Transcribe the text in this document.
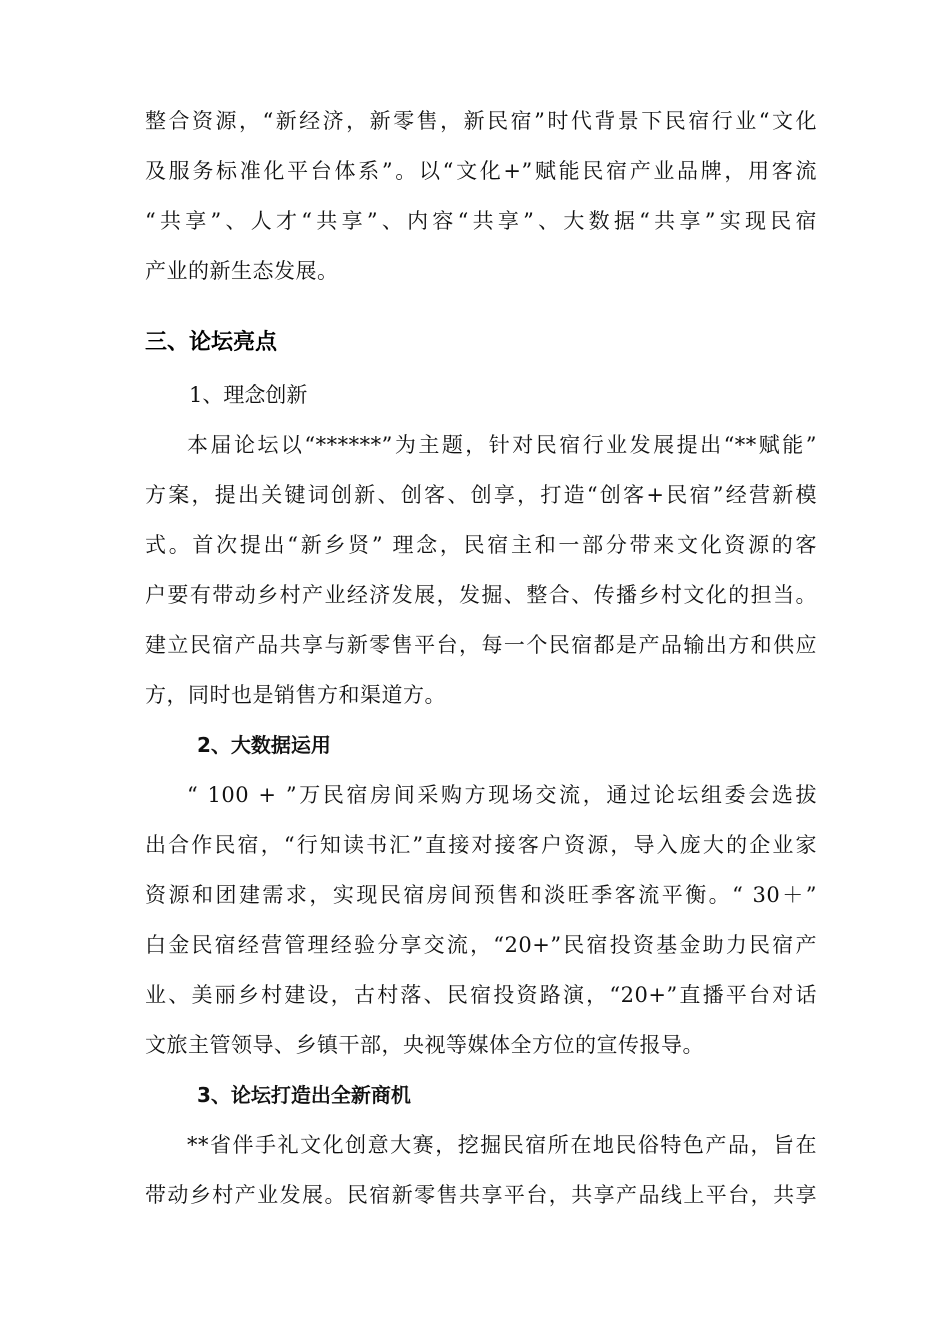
整合资源，“新经济，新零售，新民宿”时代背景下民宿行业“文化
及服务标准化平台体系”。以“文化+”赋能民宿产业品牌，用客流
“共享”、人才“共享”、内容“共享”、大数据“共享”实现民宿
产业的新生态发展。
三、论坛亮点
1、理念创新
本届论坛以“******”为主题，针对民宿行业发展提出“**赋能”
方案，提出关键词创新、创客、创享，打造“创客+民宿”经营新模
式。首次提出“新乡贤” 理念，民宿主和一部分带来文化资源的客
户要有带动乡村产业经济发展，发掘、整合、传播乡村文化的担当。
建立民宿产品共享与新零售平台，每一个民宿都是产品输出方和供应
方，同时也是销售方和渠道方。
2、大数据运用
“ 100 + ”万民宿房间采购方现场交流，通过论坛组委会选拔
出合作民宿，“行知读书汇”直接对接客户资源，导入庞大的企业家
资源和团建需求，实现民宿房间预售和淡旺季客流平衡。“ 30＋”
白金民宿经营管理经验分享交流，“20+”民宿投资基金助力民宿产
业、美丽乡村建设，古村落、民宿投资路演，“20+”直播平台对话
文旅主管领导、乡镇干部，央视等媒体全方位的宣传报导。
3、论坛打造出全新商机
**省伴手礼文化创意大赛，挖掘民宿所在地民俗特色产品，旨在
带动乡村产业发展。民宿新零售共享平台，共享产品线上平台，共享
